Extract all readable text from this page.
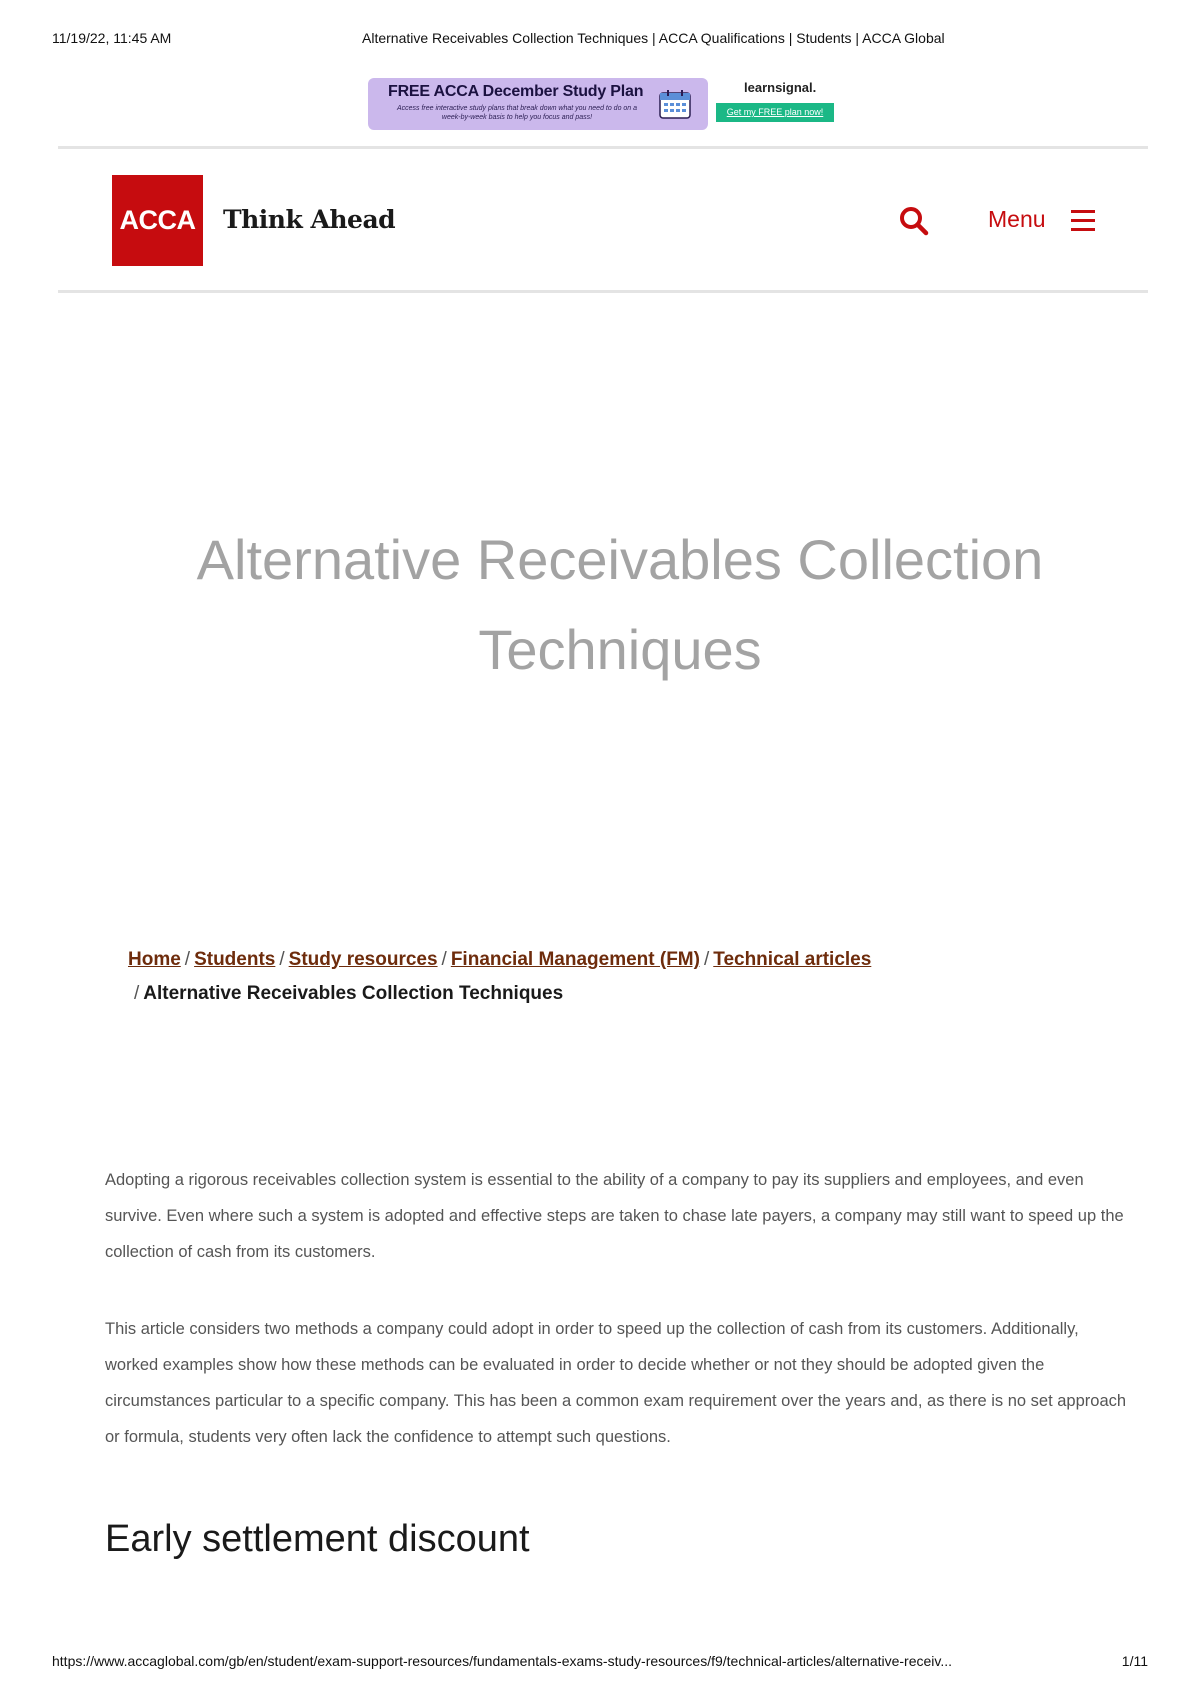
11/19/22, 11:45 AM	Alternative Receivables Collection Techniques | ACCA Qualifications | Students | ACCA Global
FREE ACCA December Study Plan
Access free interactive study plans that break down what you need to do on a week-by-week basis to help you focus and pass!
learnsignal.
Get my FREE plan now!
ACCA	Think Ahead	Menu
Alternative Receivables Collection Techniques
Home / Students / Study resources / Financial Management (FM) / Technical articles
/ Alternative Receivables Collection Techniques

Adopting a rigorous receivables collection system is essential to the ability of a company to pay its suppliers and employees, and even survive. Even where such a system is adopted and effective steps are taken to chase late payers, a company may still want to speed up the collection of cash from its customers.

This article considers two methods a company could adopt in order to speed up the collection of cash from its customers. Additionally, worked examples show how these methods can be evaluated in order to decide whether or not they should be adopted given the circumstances particular to a specific company. This has been a common exam requirement over the years and, as there is no set approach or formula, students very often lack the confidence to attempt such questions.

Early settlement discount
https://www.accaglobal.com/gb/en/student/exam-support-resources/fundamentals-exams-study-resources/f9/technical-articles/alternative-receiv...	1/11
